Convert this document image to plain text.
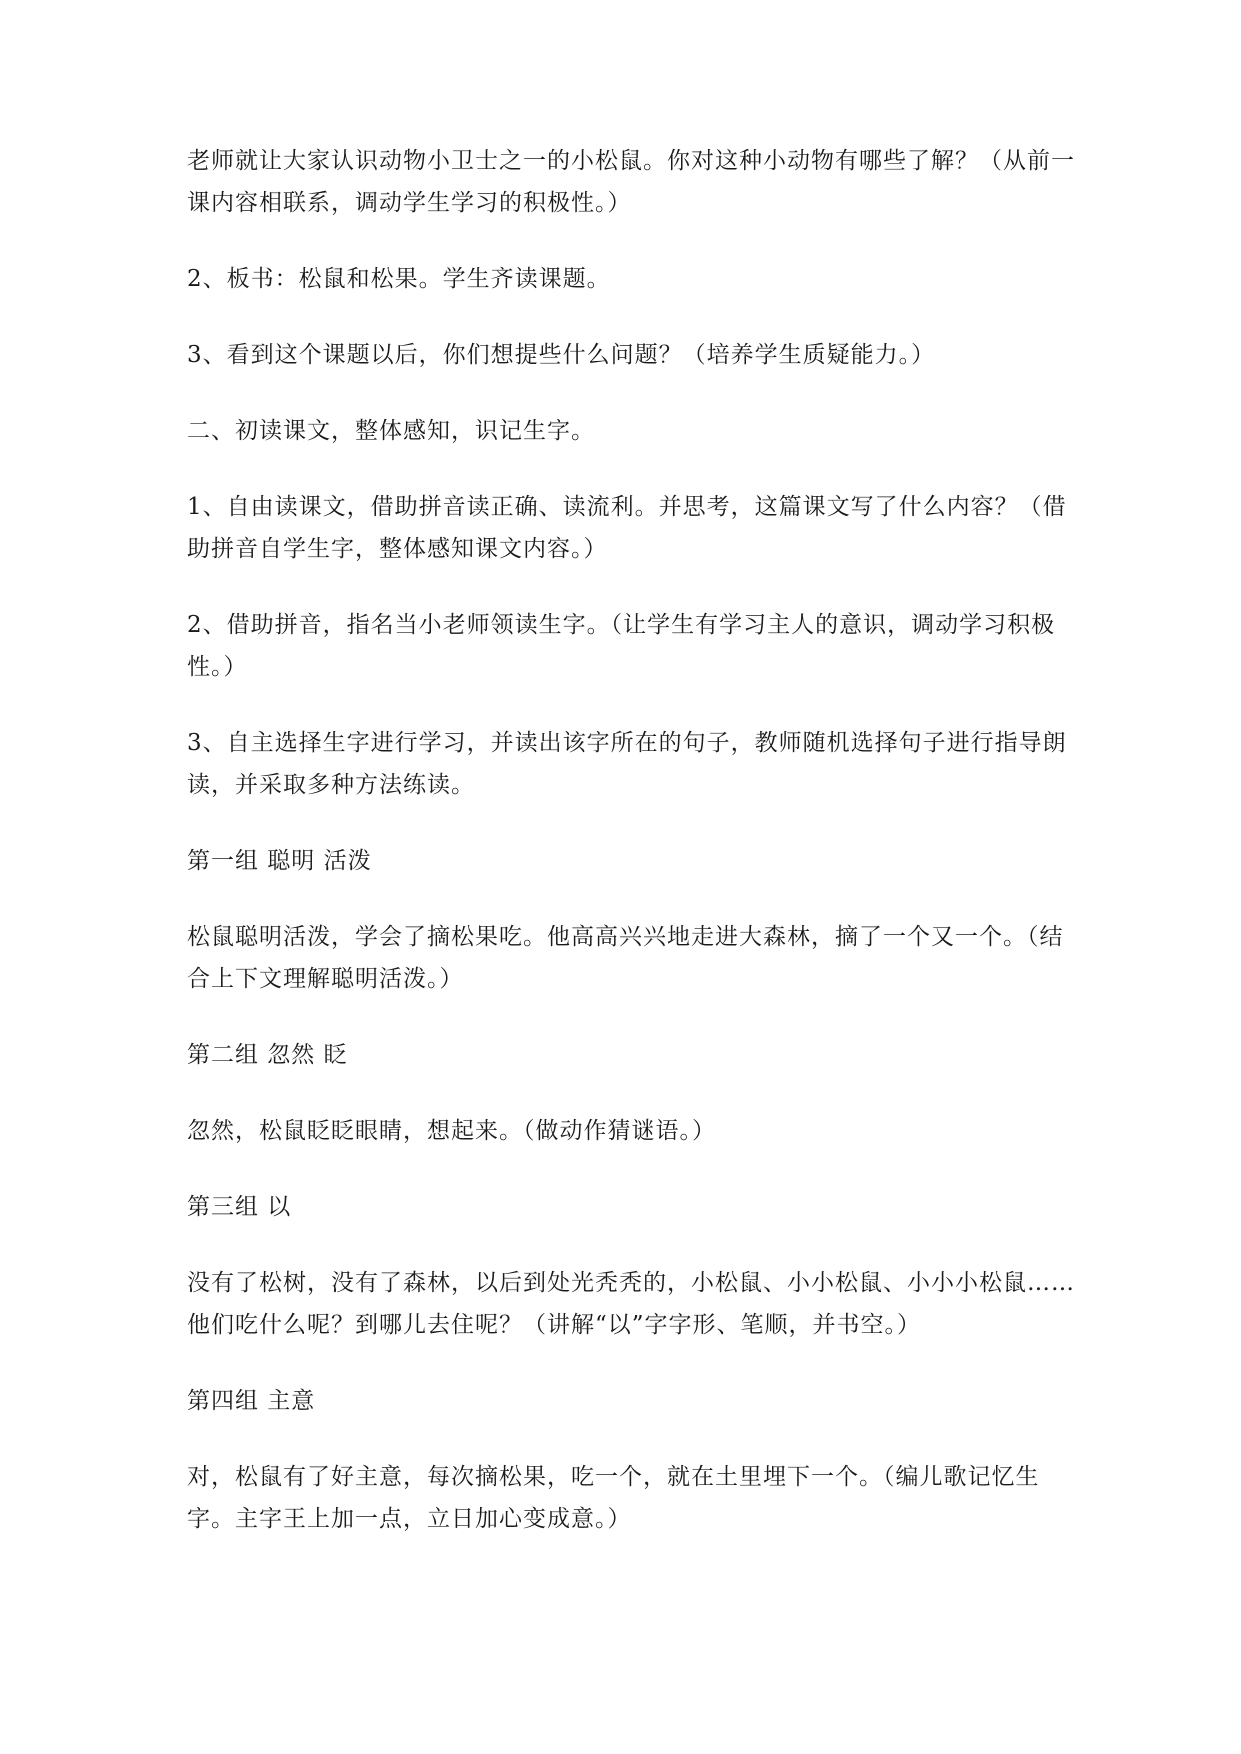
老师就让大家认识动物小卫士之一的小松鼠。你对这种小动物有哪些了解？（从前一课内容相联系，调动学生学习的积极性。）

2、板书：松鼠和松果。学生齐读课题。

3、看到这个课题以后，你们想提些什么问题？（培养学生质疑能力。）

二、初读课文，整体感知，识记生字。

1、自由读课文，借助拼音读正确、读流利。并思考，这篇课文写了什么内容？（借助拼音自学生字，整体感知课文内容。）

2、借助拼音，指名当小老师领读生字。（让学生有学习主人的意识，调动学习积极性。）

3、自主选择生字进行学习，并读出该字所在的句子，教师随机选择句子进行指导朗读，并采取多种方法练读。

第一组 聪明 活泼

松鼠聪明活泼，学会了摘松果吃。他高高兴兴地走进大森林，摘了一个又一个。（结合上下文理解聪明活泼。）

第二组 忽然 眨

忽然，松鼠眨眨眼睛，想起来。（做动作猜谜语。）

第三组 以

没有了松树，没有了森林，以后到处光秃秃的，小松鼠、小小松鼠、小小小松鼠……他们吃什么呢？到哪儿去住呢？（讲解“以”字字形、笔顺，并书空。）

第四组 主意

对，松鼠有了好主意，每次摘松果，吃一个，就在土里埋下一个。（编儿歌记忆生字。主字王上加一点，立日加心变成意。）
